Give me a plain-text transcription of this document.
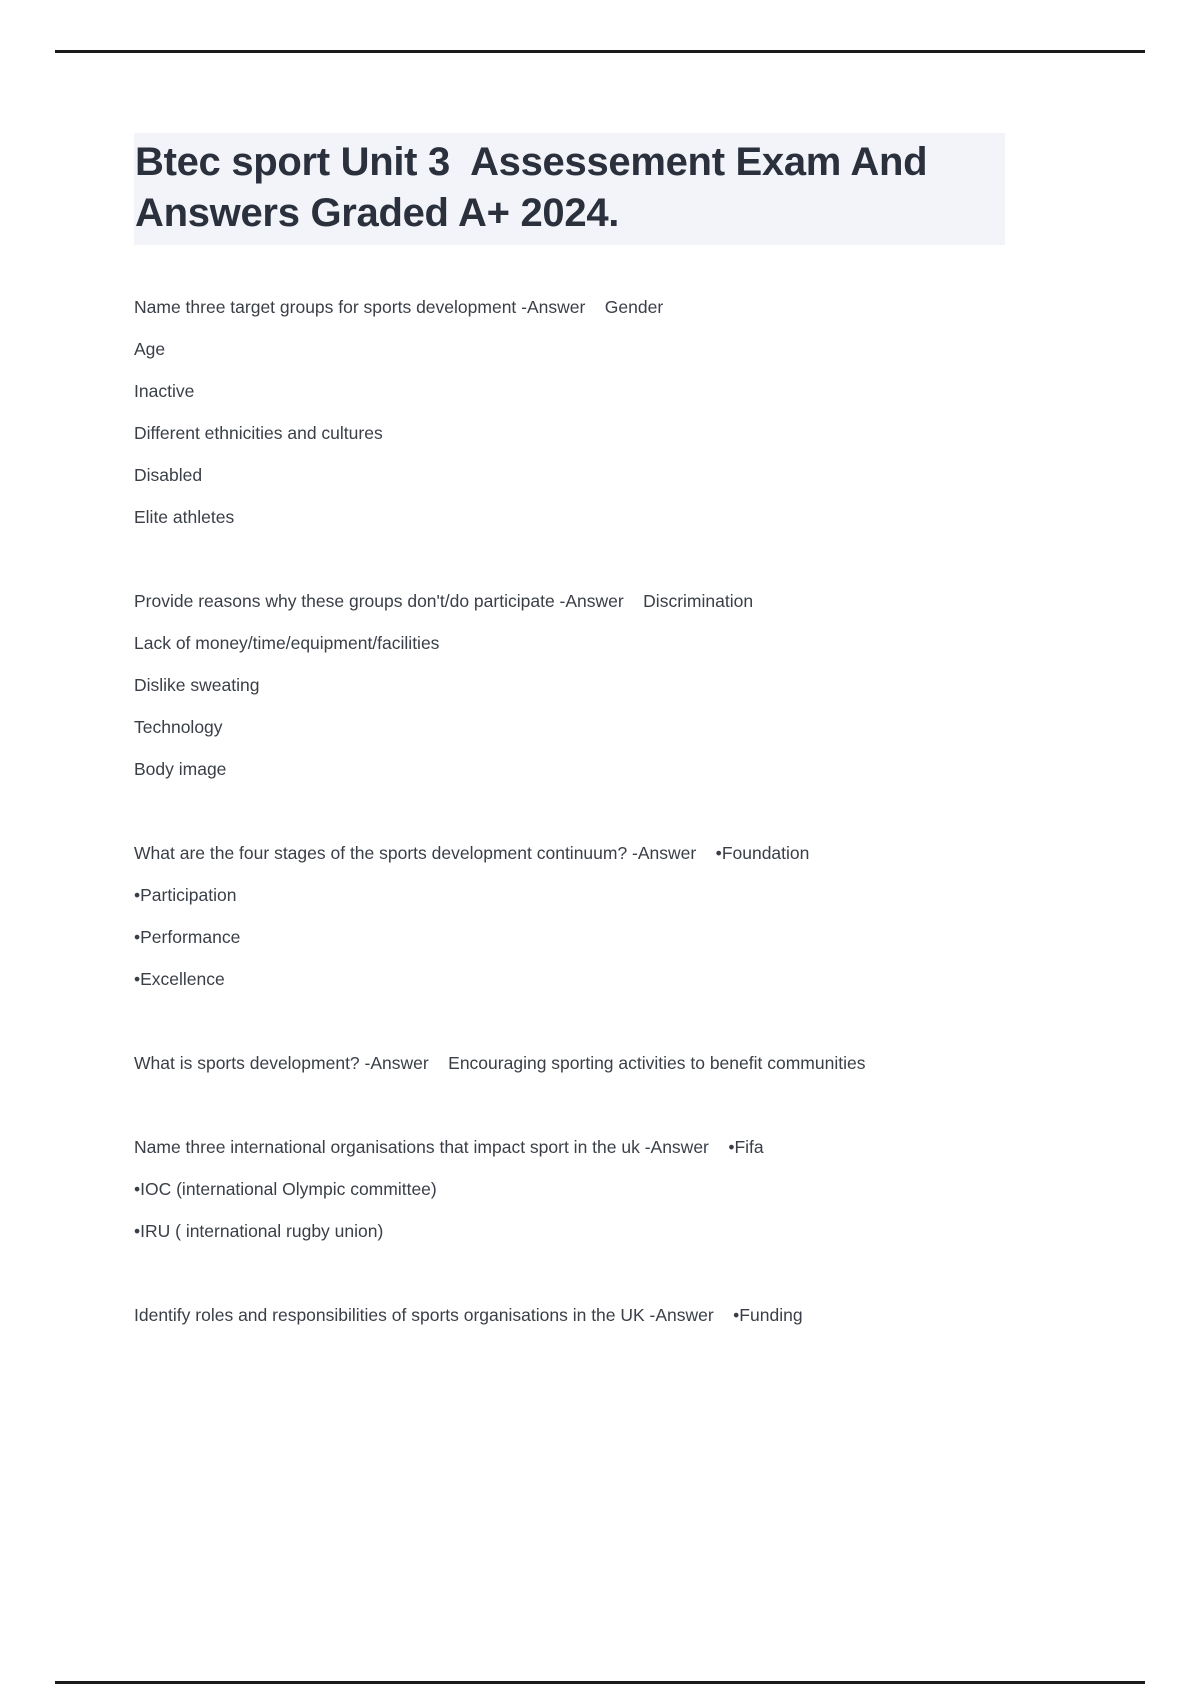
Btec sport Unit 3  Assessement Exam And Answers Graded A+ 2024.
Name three target groups for sports development -Answer    Gender
Age
Inactive
Different ethnicities and cultures
Disabled
Elite athletes
Provide reasons why these groups don't/do participate -Answer    Discrimination
Lack of money/time/equipment/facilities
Dislike sweating
Technology
Body image
What are the four stages of the sports development continuum? -Answer    •Foundation
•Participation
•Performance
•Excellence
What is sports development? -Answer    Encouraging sporting activities to benefit communities
Name three international organisations that impact sport in the uk -Answer    •Fifa
•IOC (international Olympic committee)
•IRU ( international rugby union)
Identify roles and responsibilities of sports organisations in the UK -Answer    •Funding
